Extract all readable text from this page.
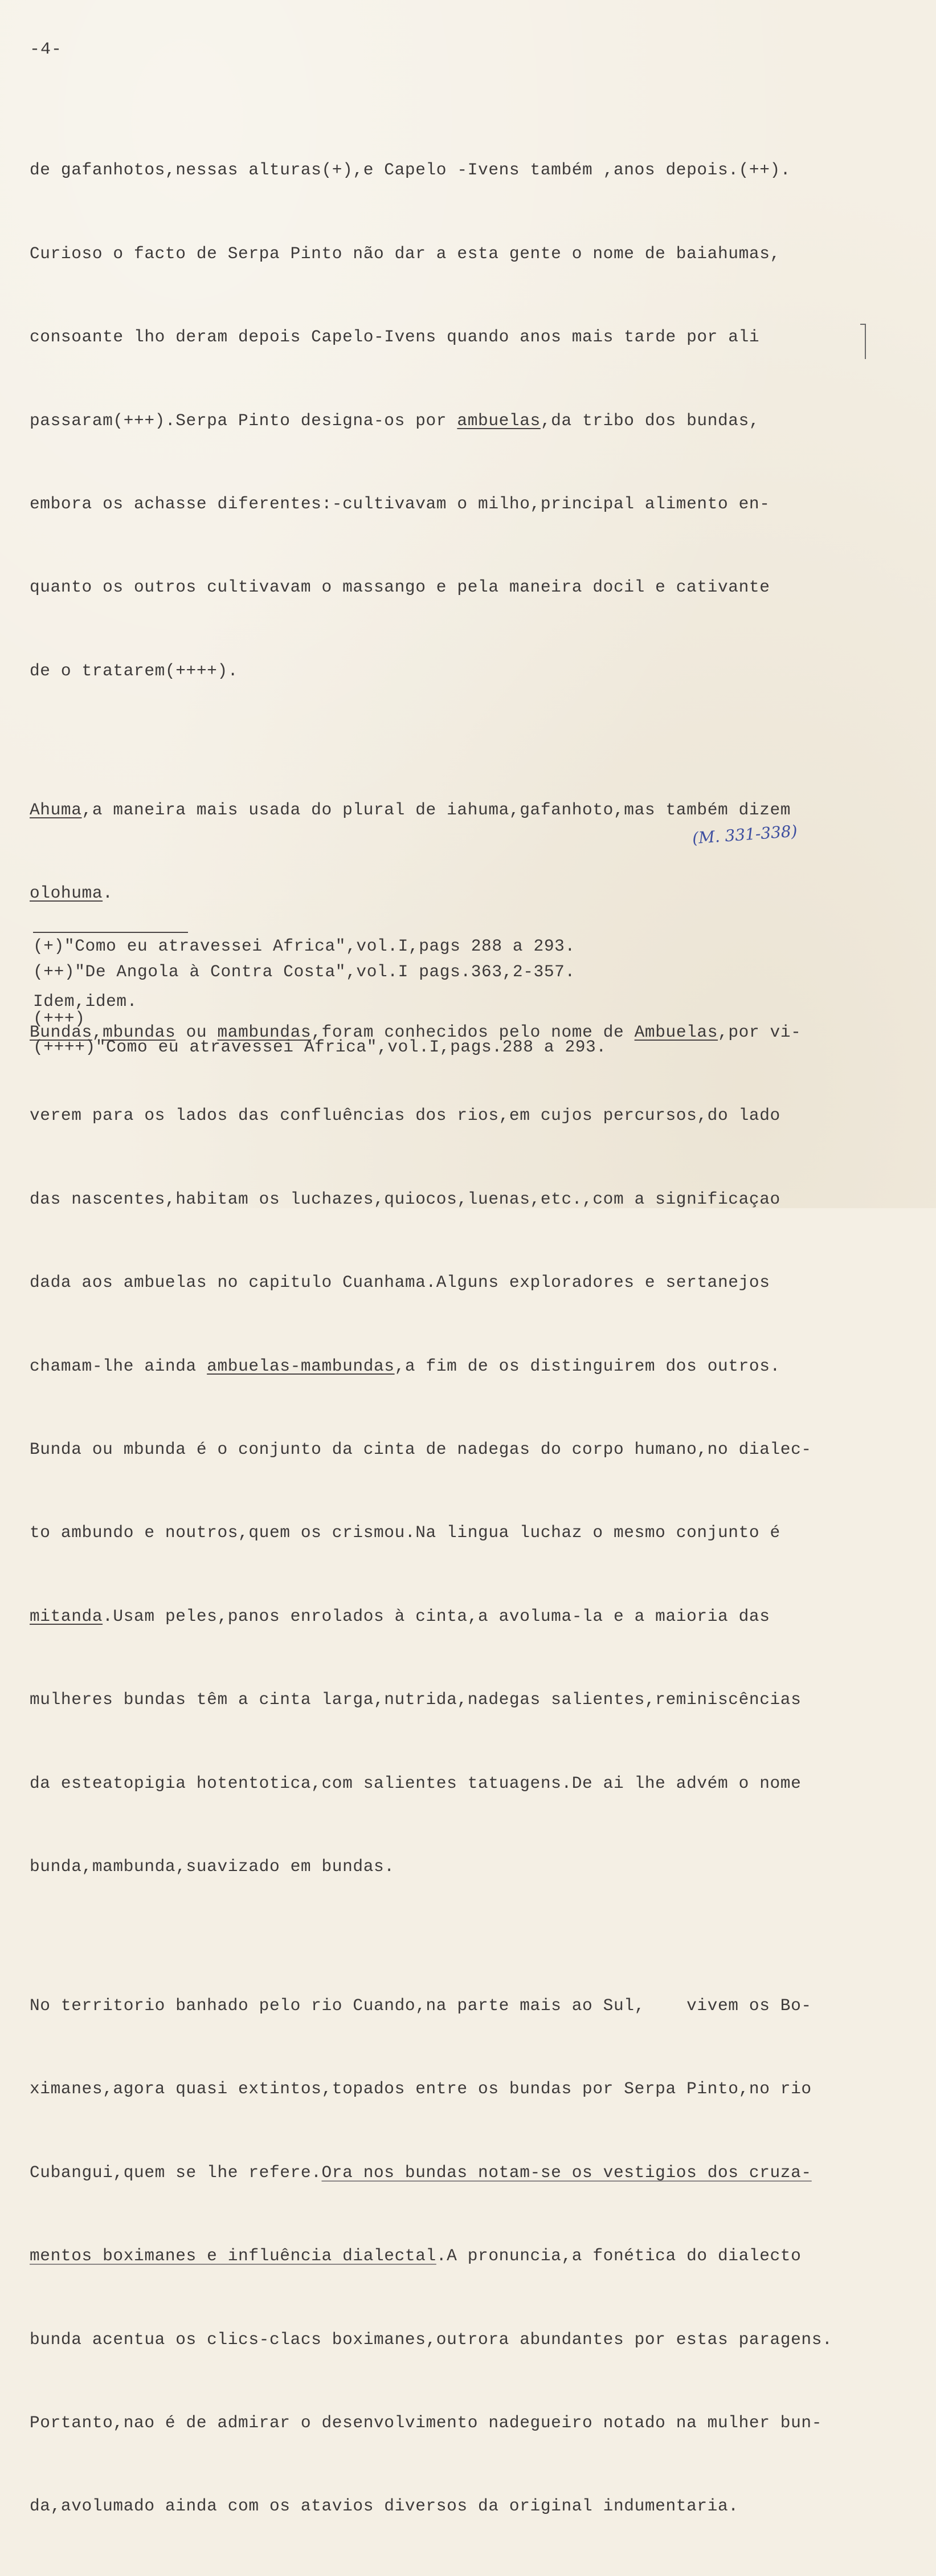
-4-

de gafanhotos,nessas alturas(+),e Capelo -Ivens também ,anos depois.(++).

Curioso o facto de Serpa Pinto não dar a esta gente o nome de baiahumas,

consoante lho deram depois Capelo-Ivens quando anos mais tarde por ali

passaram(+++).Serpa Pinto designa-os por ambuelas,da tribo dos bundas,

embora os achasse diferentes:-cultivavam o milho,principal alimento en-

quanto os outros cultivavam o massango e pela maneira docil e cativante

de o tratarem(++++).

Ahuma,a maneira mais usada do plural de iahuma,gafanhoto,mas também dizem

olohuma.

Bundas,mbundas ou mambundas,foram conhecidos pelo nome de Ambuelas,por vi-

verem para os lados das confluências dos rios,em cujos percursos,do lado

das nascentes,habitam os luchazes,quiocos,luenas,etc.,com a significaçao

dada aos ambuelas no capitulo Cuanhama.Alguns exploradores e sertanejos

chamam-lhe ainda ambuelas-mambundas,a fim de os distinguirem dos outros.

Bunda ou mbunda é o conjunto da cinta de nadegas do corpo humano,no dialec-

to ambundo e noutros,quem os crismou.Na lingua luchaz o mesmo conjunto é

mitanda.Usam peles,panos enrolados à cinta,a avoluma-la e a maioria das

mulheres bundas têm a cinta larga,nutrida,nadegas salientes,reminiscências

da esteatopigia hotentotica,com salientes tatuagens.De ai lhe advém o nome

bunda,mambunda,suavizado em bundas.

No territorio banhado pelo rio Cuando,na parte mais ao Sul,    vivem os Bo-

ximanes,agora quasi extintos,topados entre os bundas por Serpa Pinto,no rio

Cubangui,quem se lhe refere.Ora nos bundas notam-se os vestigios dos cruza-

mentos boximanes e influência dialectal.A pronuncia,a fonética do dialecto

bunda acentua os clics-clacs boximanes,outrora abundantes por estas paragens.

Portanto,nao é de admirar o desenvolvimento nadegueiro notado na mulher bun-

da,avolumado ainda com os atavios diversos da original indumentaria.

(M. 331-338)

(+)"Como eu atravessei Africa",vol.I,pags 288 a 293.

(++)"De Angola à Contra Costa",vol.I pags.363,2-357.

Idem,idem.

(+++)

(++++)"Como eu atravessei Africa",vol.I,pags.288 a 293.
